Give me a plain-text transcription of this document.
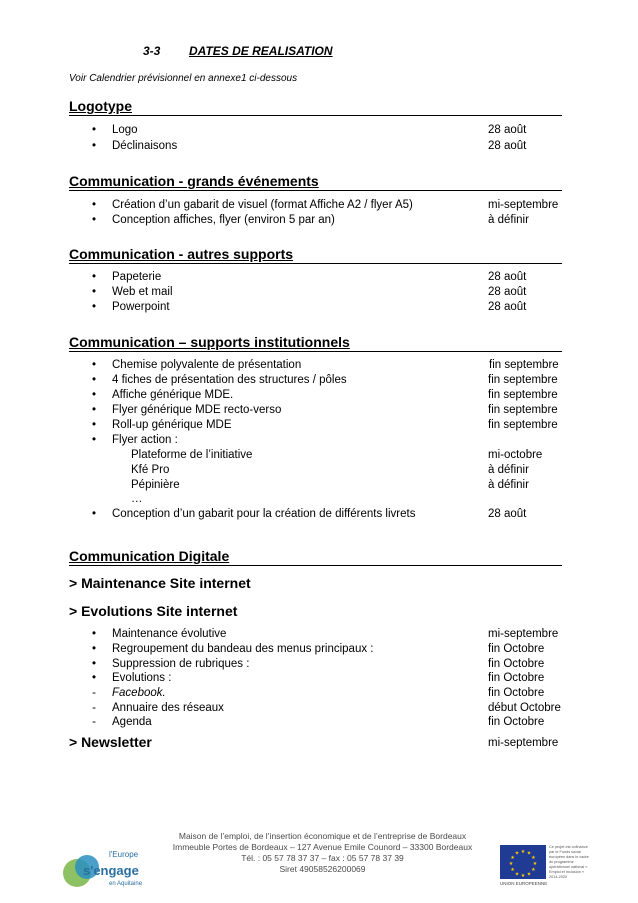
3-3 DATES DE REALISATION
Voir Calendrier prévisionnel en annexe1 ci-dessous
Logotype
• Logo	28 août
• Déclinaisons	28 août
Communication - grands événements
• Création d’un gabarit de visuel (format Affiche A2 / flyer A5)	mi-septembre
• Conception affiches, flyer (environ 5 par an)	à définir
Communication - autres supports
• Papeterie	28 août
• Web et mail	28 août
• Powerpoint	28 août
Communication – supports institutionnels
• Chemise polyvalente de présentation	fin septembre
• 4 fiches de présentation des structures / pôles	fin septembre
• Affiche générique MDE.	fin septembre
• Flyer générique MDE recto-verso	fin septembre
• Roll-up générique MDE	fin septembre
• Flyer action :
Plateforme de l’initiative	mi-octobre
Kfé Pro	à définir
Pépinière	à définir
…
• Conception d’un gabarit pour la création de différents livrets	28 août
Communication Digitale
> Maintenance Site internet
> Evolutions Site internet
• Maintenance évolutive	mi-septembre
• Regroupement du bandeau des menus principaux :	fin Octobre
• Suppression de rubriques :	fin Octobre
• Evolutions :	fin Octobre
- Facebook.	fin Octobre
- Annuaire des réseaux	début Octobre
- Agenda	fin Octobre
> Newsletter	mi-septembre
Maison de l’emploi, de l’insertion économique et de l’entreprise de Bordeaux
Immeuble Portes de Bordeaux – 127 Avenue Emile Counord – 33300 Bordeaux
Tél. : 05 57 78 37 37 – fax : 05 57 78 37 39
Siret 49058526200069
l'Europe
s'engage
en Aquitaine
★ ★
★
★
★
★
★
★
★
★
★
★
UNION EUROPEENNE
Ce projet est cofinancé par le Fonds social européen dans le cadre du programme opérationnel national « Emploi et Inclusion » 2014-2020
